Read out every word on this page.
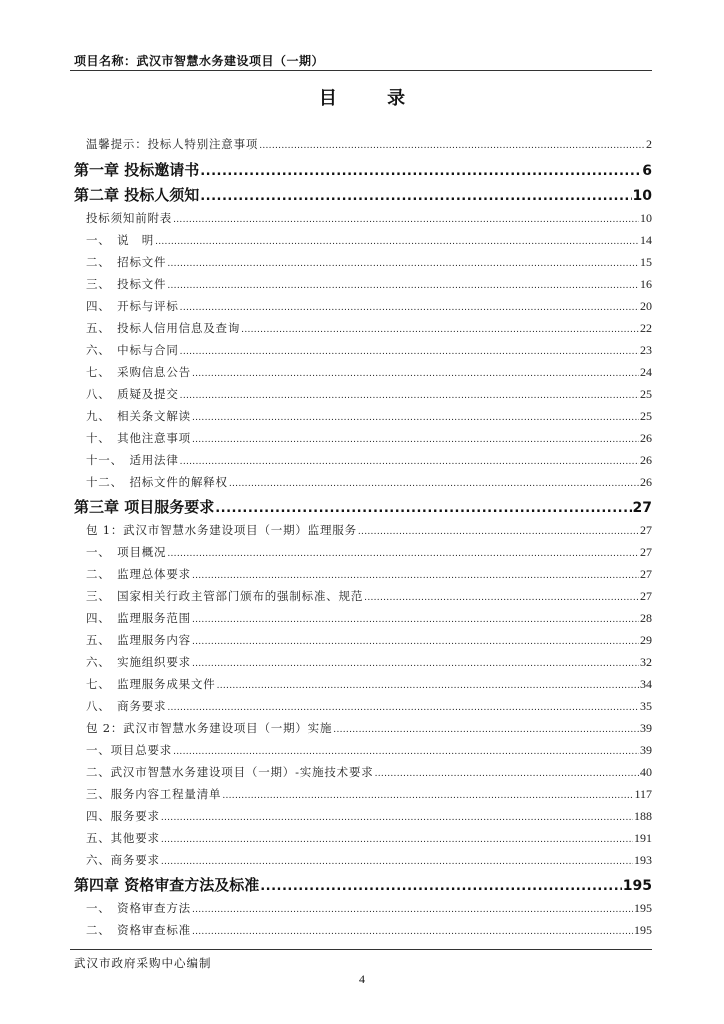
项目名称：武汉市智慧水务建设项目（一期）
目 录
温馨提示：投标人特别注意事项 .....	2
第一章 投标邀请书 .....	6
第二章 投标人须知 .....	10
投标须知前附表 .....	10
一、　说　明 .....	14
二、　招标文件 .....	15
三、　投标文件 .....	16
四、　开标与评标 .....	20
五、　投标人信用信息及查询 .....	22
六、　中标与合同 .....	23
七、　采购信息公告 .....	24
八、　质疑及提交 .....	25
九、　相关条文解读 .....	25
十、　其他注意事项 .....	26
十一、　适用法律 .....	26
十二、　招标文件的解释权 .....	26
第三章 项目服务要求 .....	27
包 1：武汉市智慧水务建设项目（一期）监理服务 .....	27
一、　项目概况 .....	27
二、　监理总体要求 .....	27
三、　国家相关行政主管部门颁布的强制标准、规范 .....	27
四、　监理服务范围 .....	28
五、　监理服务内容 .....	29
六、　实施组织要求 .....	32
七、　监理服务成果文件 .....	34
八、　商务要求 .....	35
包 2：武汉市智慧水务建设项目（一期）实施 .....	39
一、项目总要求 .....	39
二、武汉市智慧水务建设项目（一期）-实施技术要求 .....	40
三、服务内容工程量清单 .....	117
四、服务要求 .....	188
五、其他要求 .....	191
六、商务要求 .....	193
第四章 资格审查方法及标准 .....	195
一、　资格审查方法 .....	195
二、　资格审查标准 .....	195
武汉市政府采购中心编制
4
